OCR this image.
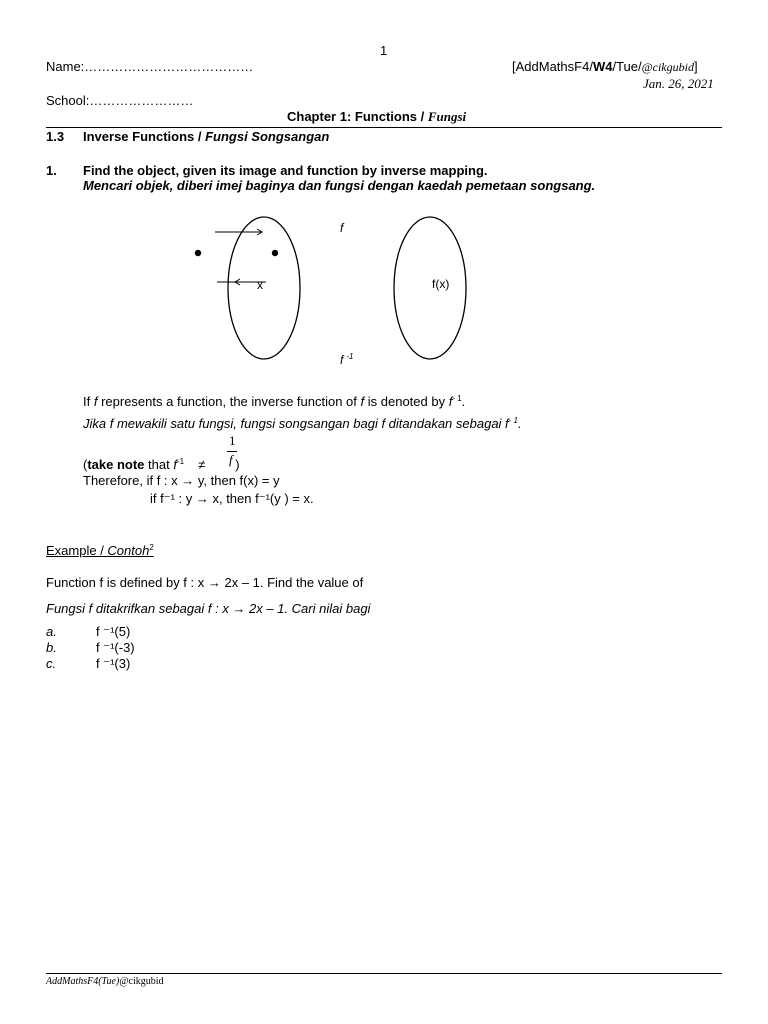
1
Name:…………………………………	[AddMathsF4/W4/Tue/@cikgubid]
Jan. 26, 2021
School:……………………
Chapter 1: Functions / Fungsi
1.3 Inverse Functions / Fungsi Songsangan
1. Find the object, given its image and function by inverse mapping.
Mencari objek, diberi imej baginya dan fungsi dengan kaedah pemetaan songsang.
f
x	f(x)
f $^{-1}$
If f represents a function, the inverse function of f is denoted by $f^{- 1}$.
Jika f mewakili satu fungsi, fungsi songsangan bagi f ditandakan sebagai $f^{- 1}$.
1
f
(take note that $f^{-1}$ ≠ )
Therefore, if f : x → y, then f(x) = y
if f⁻¹ : y → x, then f⁻¹(y ) = x.
Example / Contoh$^2$
Function f is defined by f : x → 2x – 1. Find the value of
Fungsi f ditakrifkan sebagai f : x → 2x – 1. Cari nilai bagi
a.	f ⁻¹(5)
b.	f ⁻¹(-3)
c.	f ⁻¹(3)
AddMathsF4(Tue)@cikgubid
